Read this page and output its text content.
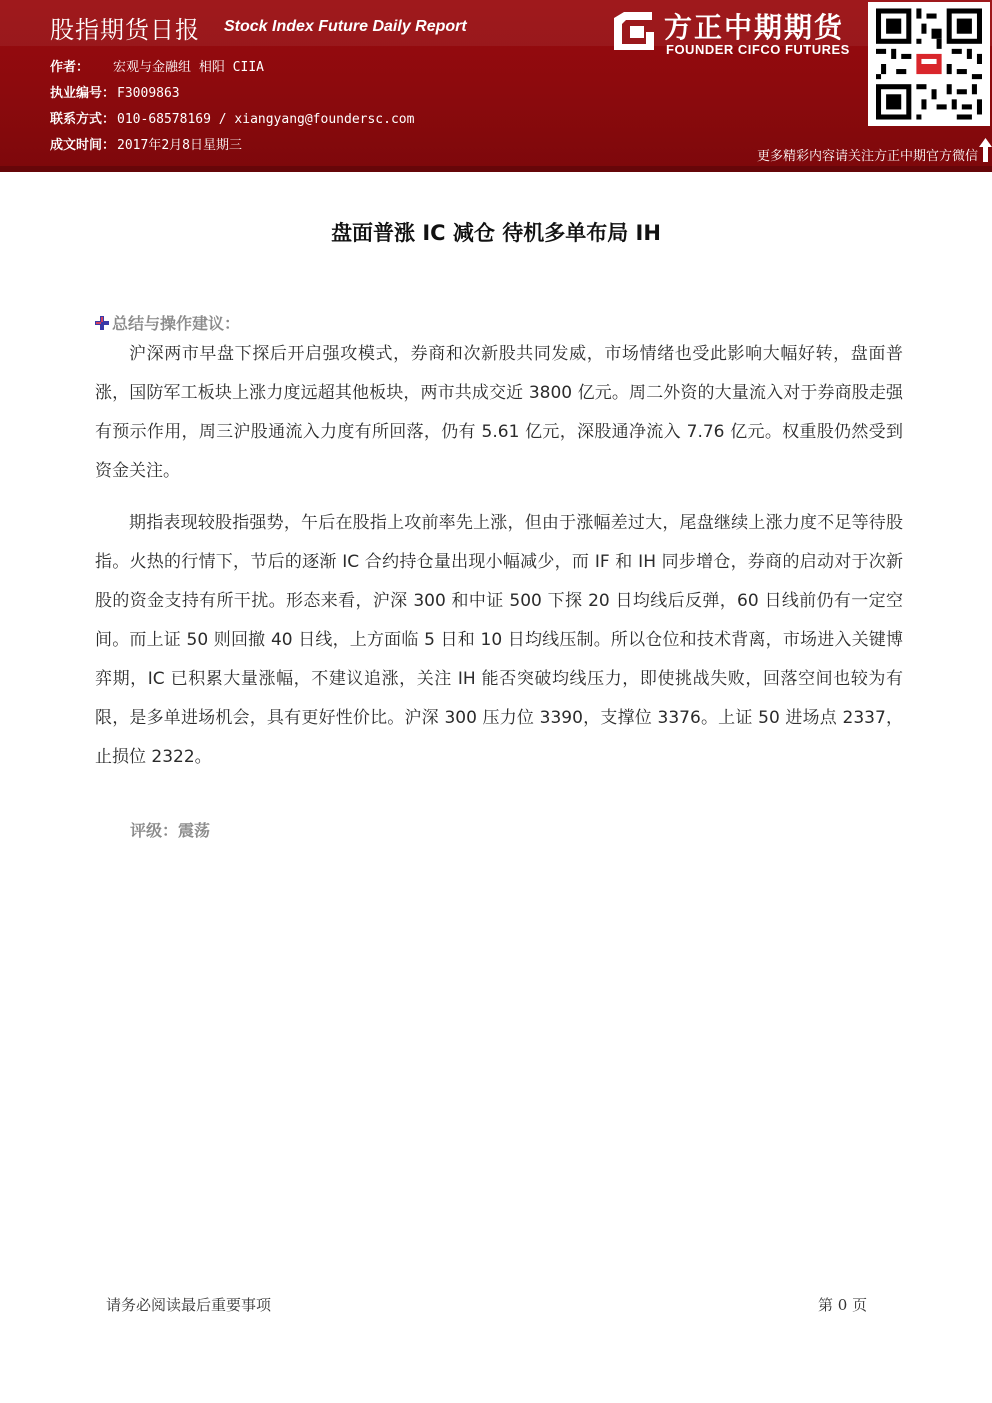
股指期货日报 Stock Index Future Daily Report
作者： 宏观与金融组 相阳 CIIA
执业编号： F3009863
联系方式： 010-68578169 / xiangyang@foundersc.com
成文时间： 2017年2月8日星期三
方正中期期货
FOUNDER CIFCO FUTURES
更多精彩内容请关注方正中期官方微信
盘面普涨 IC 减仓 待机多单布局 IH
总结与操作建议：

沪深两市早盘下探后开启强攻模式，券商和次新股共同发威，市场情绪也受此影响大幅好转，盘面普涨，国防军工板块上涨力度远超其他板块，两市共成交近 3800 亿元。周二外资的大量流入对于券商股走强有预示作用，周三沪股通流入力度有所回落，仍有 5.61 亿元，深股通净流入 7.76 亿元。权重股仍然受到资金关注。

期指表现较股指强势，午后在股指上攻前率先上涨，但由于涨幅差过大，尾盘继续上涨力度不足等待股指。火热的行情下，节后的逐渐 IC 合约持仓量出现小幅减少，而 IF 和 IH 同步增仓，券商的启动对于次新股的资金支持有所干扰。形态来看，沪深 300 和中证 500 下探 20 日均线后反弹，60 日线前仍有一定空间。而上证 50 则回撤 40 日线，上方面临 5 日和 10 日均线压制。所以仓位和技术背离，市场进入关键博弈期，IC 已积累大量涨幅，不建议追涨，关注 IH 能否突破均线压力，即使挑战失败，回落空间也较为有限，是多单进场机会，具有更好性价比。沪深 300 压力位 3390，支撑位 3376。上证 50 进场点 2337，止损位 2322。

评级：震荡
请务必阅读最后重要事项	第 0 页
